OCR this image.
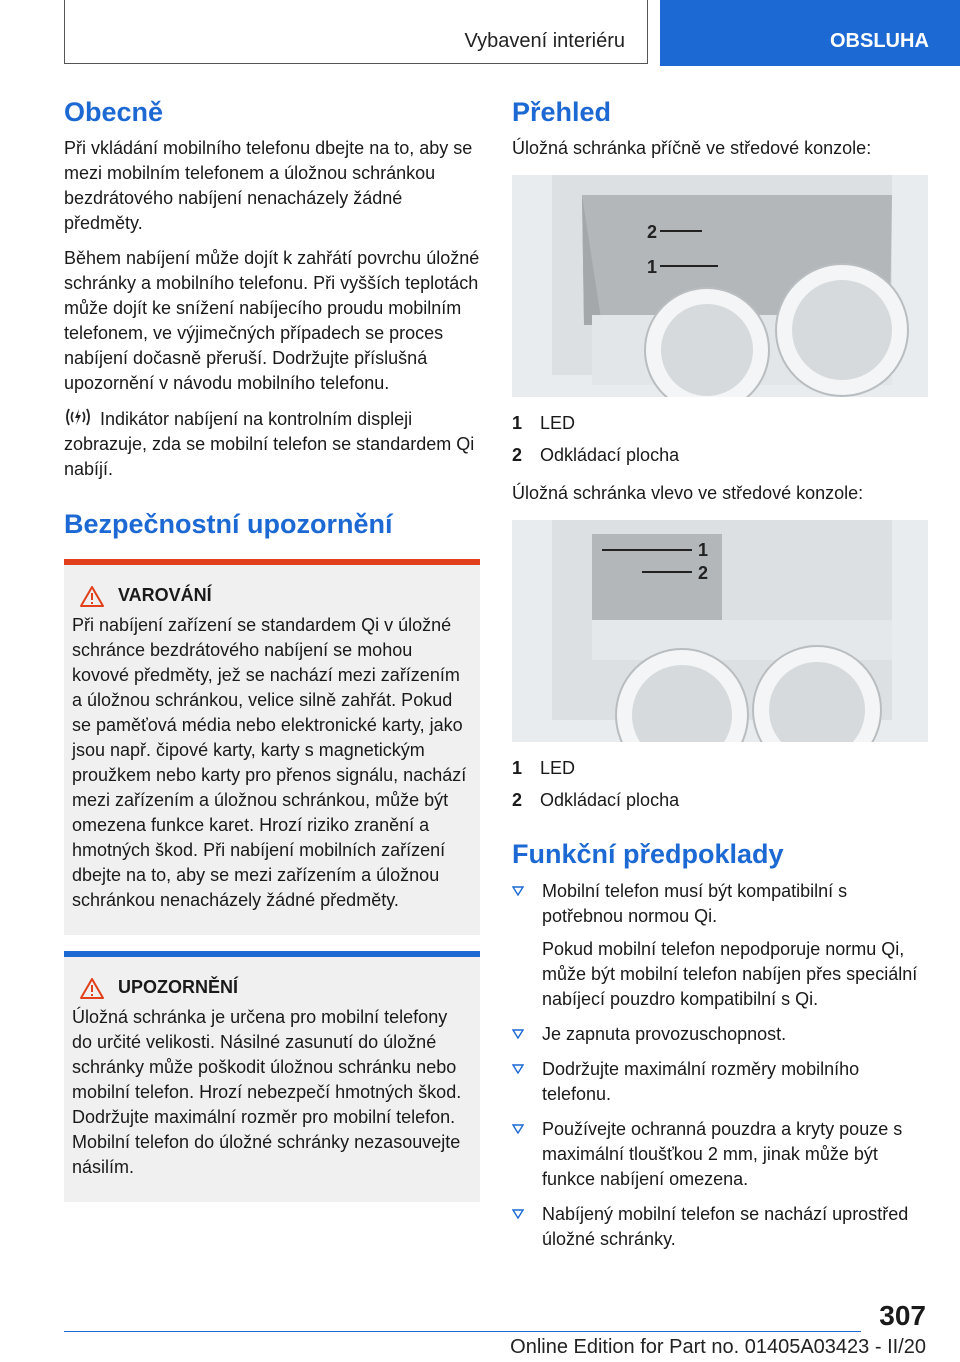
Vybavení interiéru	OBSLUHA
Obecně

Při vkládání mobilního telefonu dbejte na to, aby se mezi mobilním telefonem a úložnou schránkou bezdrátového nabíjení nenacházely žádné předměty.

Během nabíjení může dojít k zahřátí povrchu úložné schránky a mobilního telefonu. Při vyšších teplotách může dojít ke snížení nabíjecího proudu mobilním telefonem, ve výjimečných případech se proces nabíjení dočasně přeruší. Dodržujte příslušná upozornění v návodu mobilního telefonu.

Indikátor nabíjení na kontrolním displeji zobrazuje, zda se mobilní telefon se standardem Qi nabíjí.

Bezpečnostní upozornění
VAROVÁNÍ

Při nabíjení zařízení se standardem Qi v úložné schránce bezdrátového nabíjení se mohou kovové předměty, jež se nachází mezi zařízením a úložnou schránkou, velice silně zahřát. Pokud se paměťová média nebo elektronické karty, jako jsou např. čipové karty, karty s magnetickým proužkem nebo karty pro přenos signálu, nachází mezi zařízením a úložnou schránkou, může být omezena funkce karet. Hrozí riziko zranění a hmotných škod. Při nabíjení mobilních zařízení dbejte na to, aby se mezi zařízením a úložnou schránkou nenacházely žádné předměty.

UPOZORNĚNÍ

Úložná schránka je určena pro mobilní telefony do určité velikosti. Násilné zasunutí do úložné schránky může poškodit úložnou schránku nebo mobilní telefon. Hrozí nebezpečí hmotných škod. Dodržujte maximální rozměr pro mobilní telefon. Mobilní telefon do úložné schránky nezasouvejte násilím.

Přehled

Úložná schránka příčně ve středové konzole:

2
1
1 LED
2 Odkládací plocha

Úložná schránka vlevo ve středové konzole:

1
2
1 LED
2 Odkládací plocha
Funkční předpoklady
Mobilní telefon musí být kompatibilní s potřebnou normou Qi.

Pokud mobilní telefon nepodporuje normu Qi, může být mobilní telefon nabíjen přes speciální nabíjecí pouzdro kompatibilní s Qi.

Je zapnuta provozuschopnost.
Dodržujte maximální rozměry mobilního telefonu.
Používejte ochranná pouzdra a kryty pouze s maximální tloušťkou 2 mm, jinak může být funkce nabíjení omezena.
Nabíjený mobilní telefon se nachází uprostřed úložné schránky.
307
Online Edition for Part no. 01405A03423 - II/20
